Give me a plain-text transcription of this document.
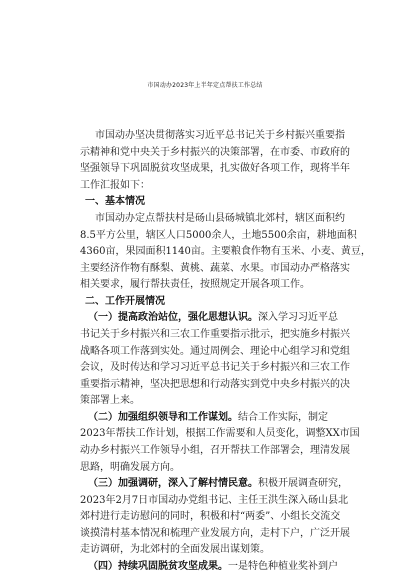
市国动办2023年上半年定点帮扶工作总结
市国动办坚决贯彻落实习近平总书记关于乡村振兴重要指
示精神和党中央关于乡村振兴的决策部署，在市委、市政府的
坚强领导下巩固脱贫攻坚成果，扎实做好各项工作，现将半年
工作汇报如下：
一、基本情况
市国动办定点帮扶村是砀山县砀城镇北郊村，辖区面积约
8.5平方公里，辖区人口5000余人，土地5500余亩，耕地面积
4360亩，果园面积1140亩。主要粮食作物有玉米、小麦、黄豆，
主要经济作物有酥梨、黄桃、蔬菜、水果。市国动办严格落实
相关要求，履行帮扶责任，按照规定开展各项工作。
二、工作开展情况
（一）提高政治站位，强化思想认识。深入学习习近平总
书记关于乡村振兴和三农工作重要指示批示，把实施乡村振兴
战略各项工作落到实处。通过周例会、理论中心组学习和党组
会议，及时传达和学习习近平总书记关于乡村振兴和三农工作
重要指示精神，坚决把思想和行动落实到党中央乡村振兴的决
策部署上来。
（二）加强组织领导和工作谋划。结合工作实际，制定
2023年帮扶工作计划，根据工作需要和人员变化，调整XX市国
动办乡村振兴工作领导小组，召开帮扶工作部署会，理清发展
思路，明确发展方向。
（三）加强调研，深入了解村情民意。积极开展调查研究，
2023年2月7日市国动办党组书记、主任王洪生深入砀山县北
郊村进行走访慰问的同时，积极和村“两委”、小组长交流交
谈摸清村基本情况和梳理产业发展方向，走村下户，广泛开展
走访调研，为北郊村的全面发展出谋划策。
（四）持续巩固脱贫攻坚成果。一是特色种植业奖补到户
